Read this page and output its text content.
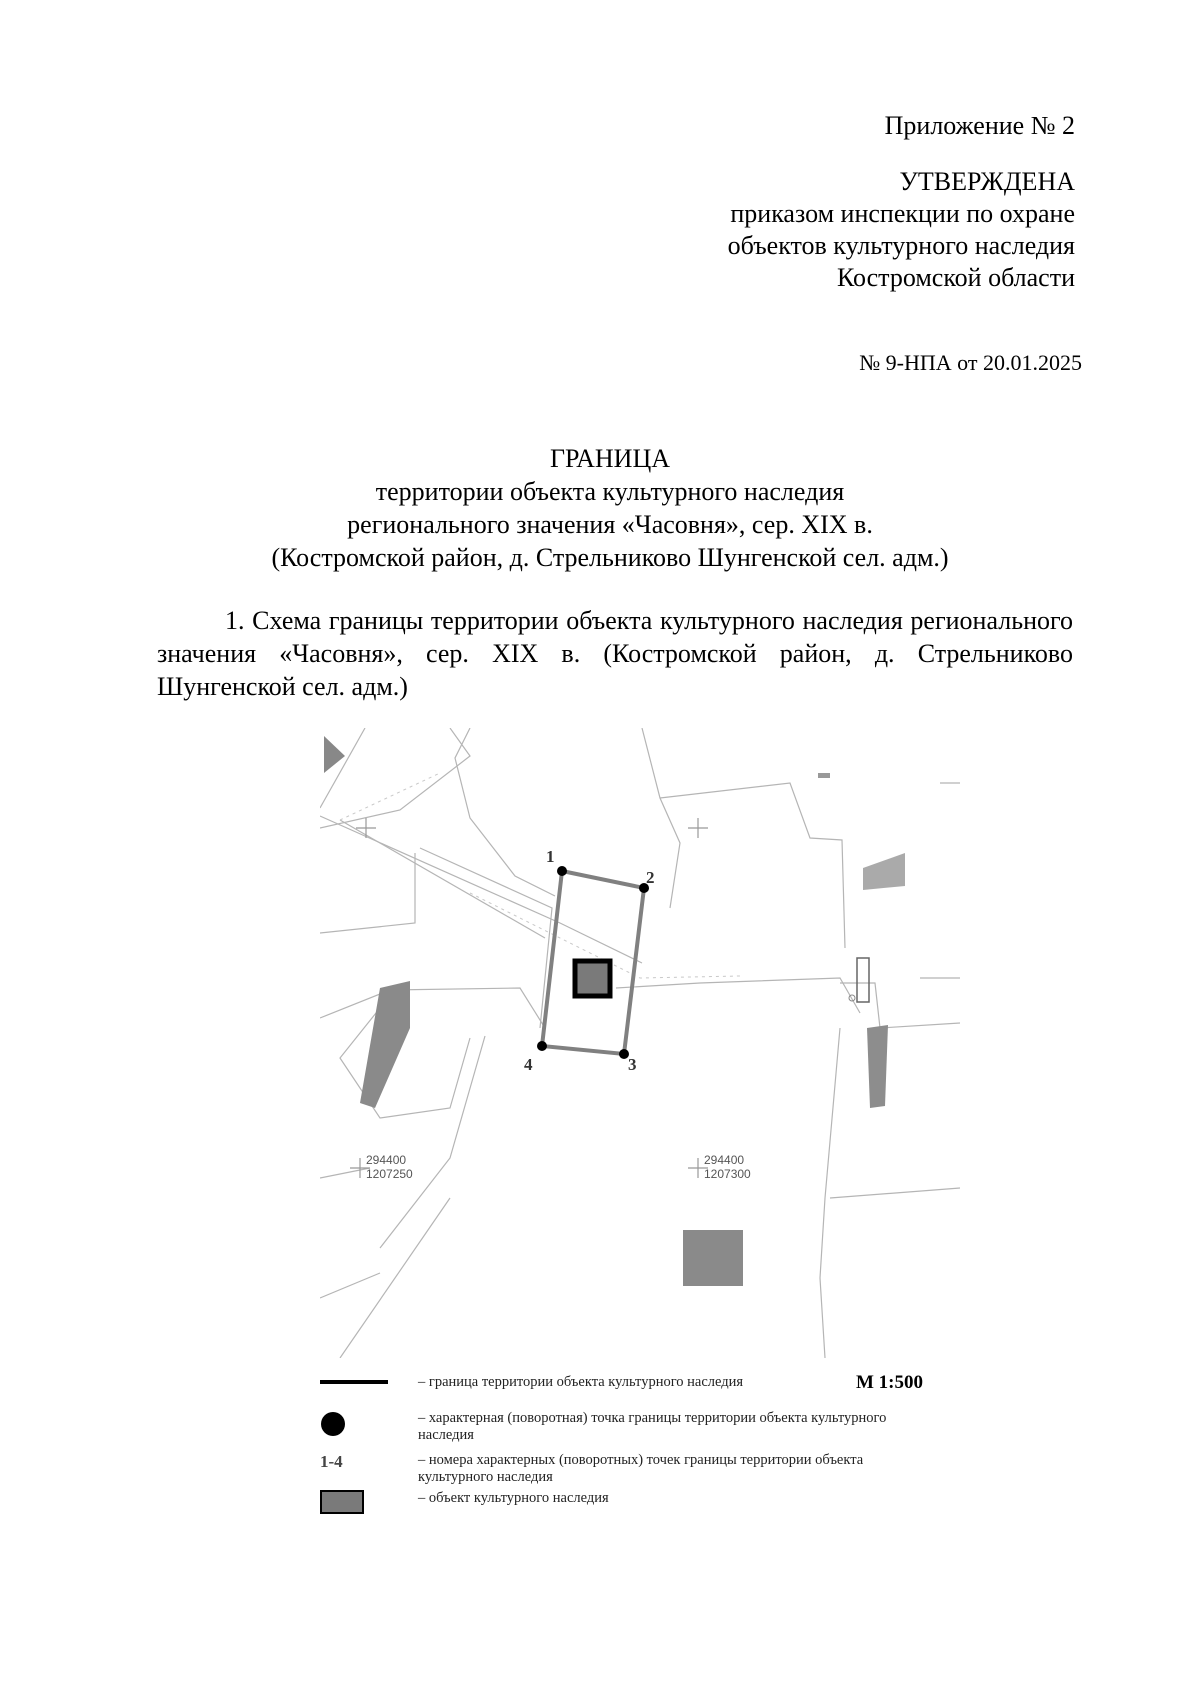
Приложение № 2
УТВЕРЖДЕНА
приказом инспекции по охране
объектов культурного наследия
Костромской области
№ 9-НПА от 20.01.2025
ГРАНИЦА
территории объекта культурного наследия
регионального значения «Часовня», сер. XIX в.
(Костромской район, д. Стрельниково Шунгенской сел. адм.)
1. Схема границы территории объекта культурного наследия регионального значения «Часовня», сер. XIX в. (Костромской район, д. Стрельниково Шунгенской сел. адм.)
1
2
3
4
294400
1207250
294400
1207300
– граница территории объекта культурного наследия	М 1:500
– характерная (поворотная) точка границы территории объекта культурного наследия
1-4	– номера характерных (поворотных) точек границы территории объекта культурного наследия
– объект культурного наследия
